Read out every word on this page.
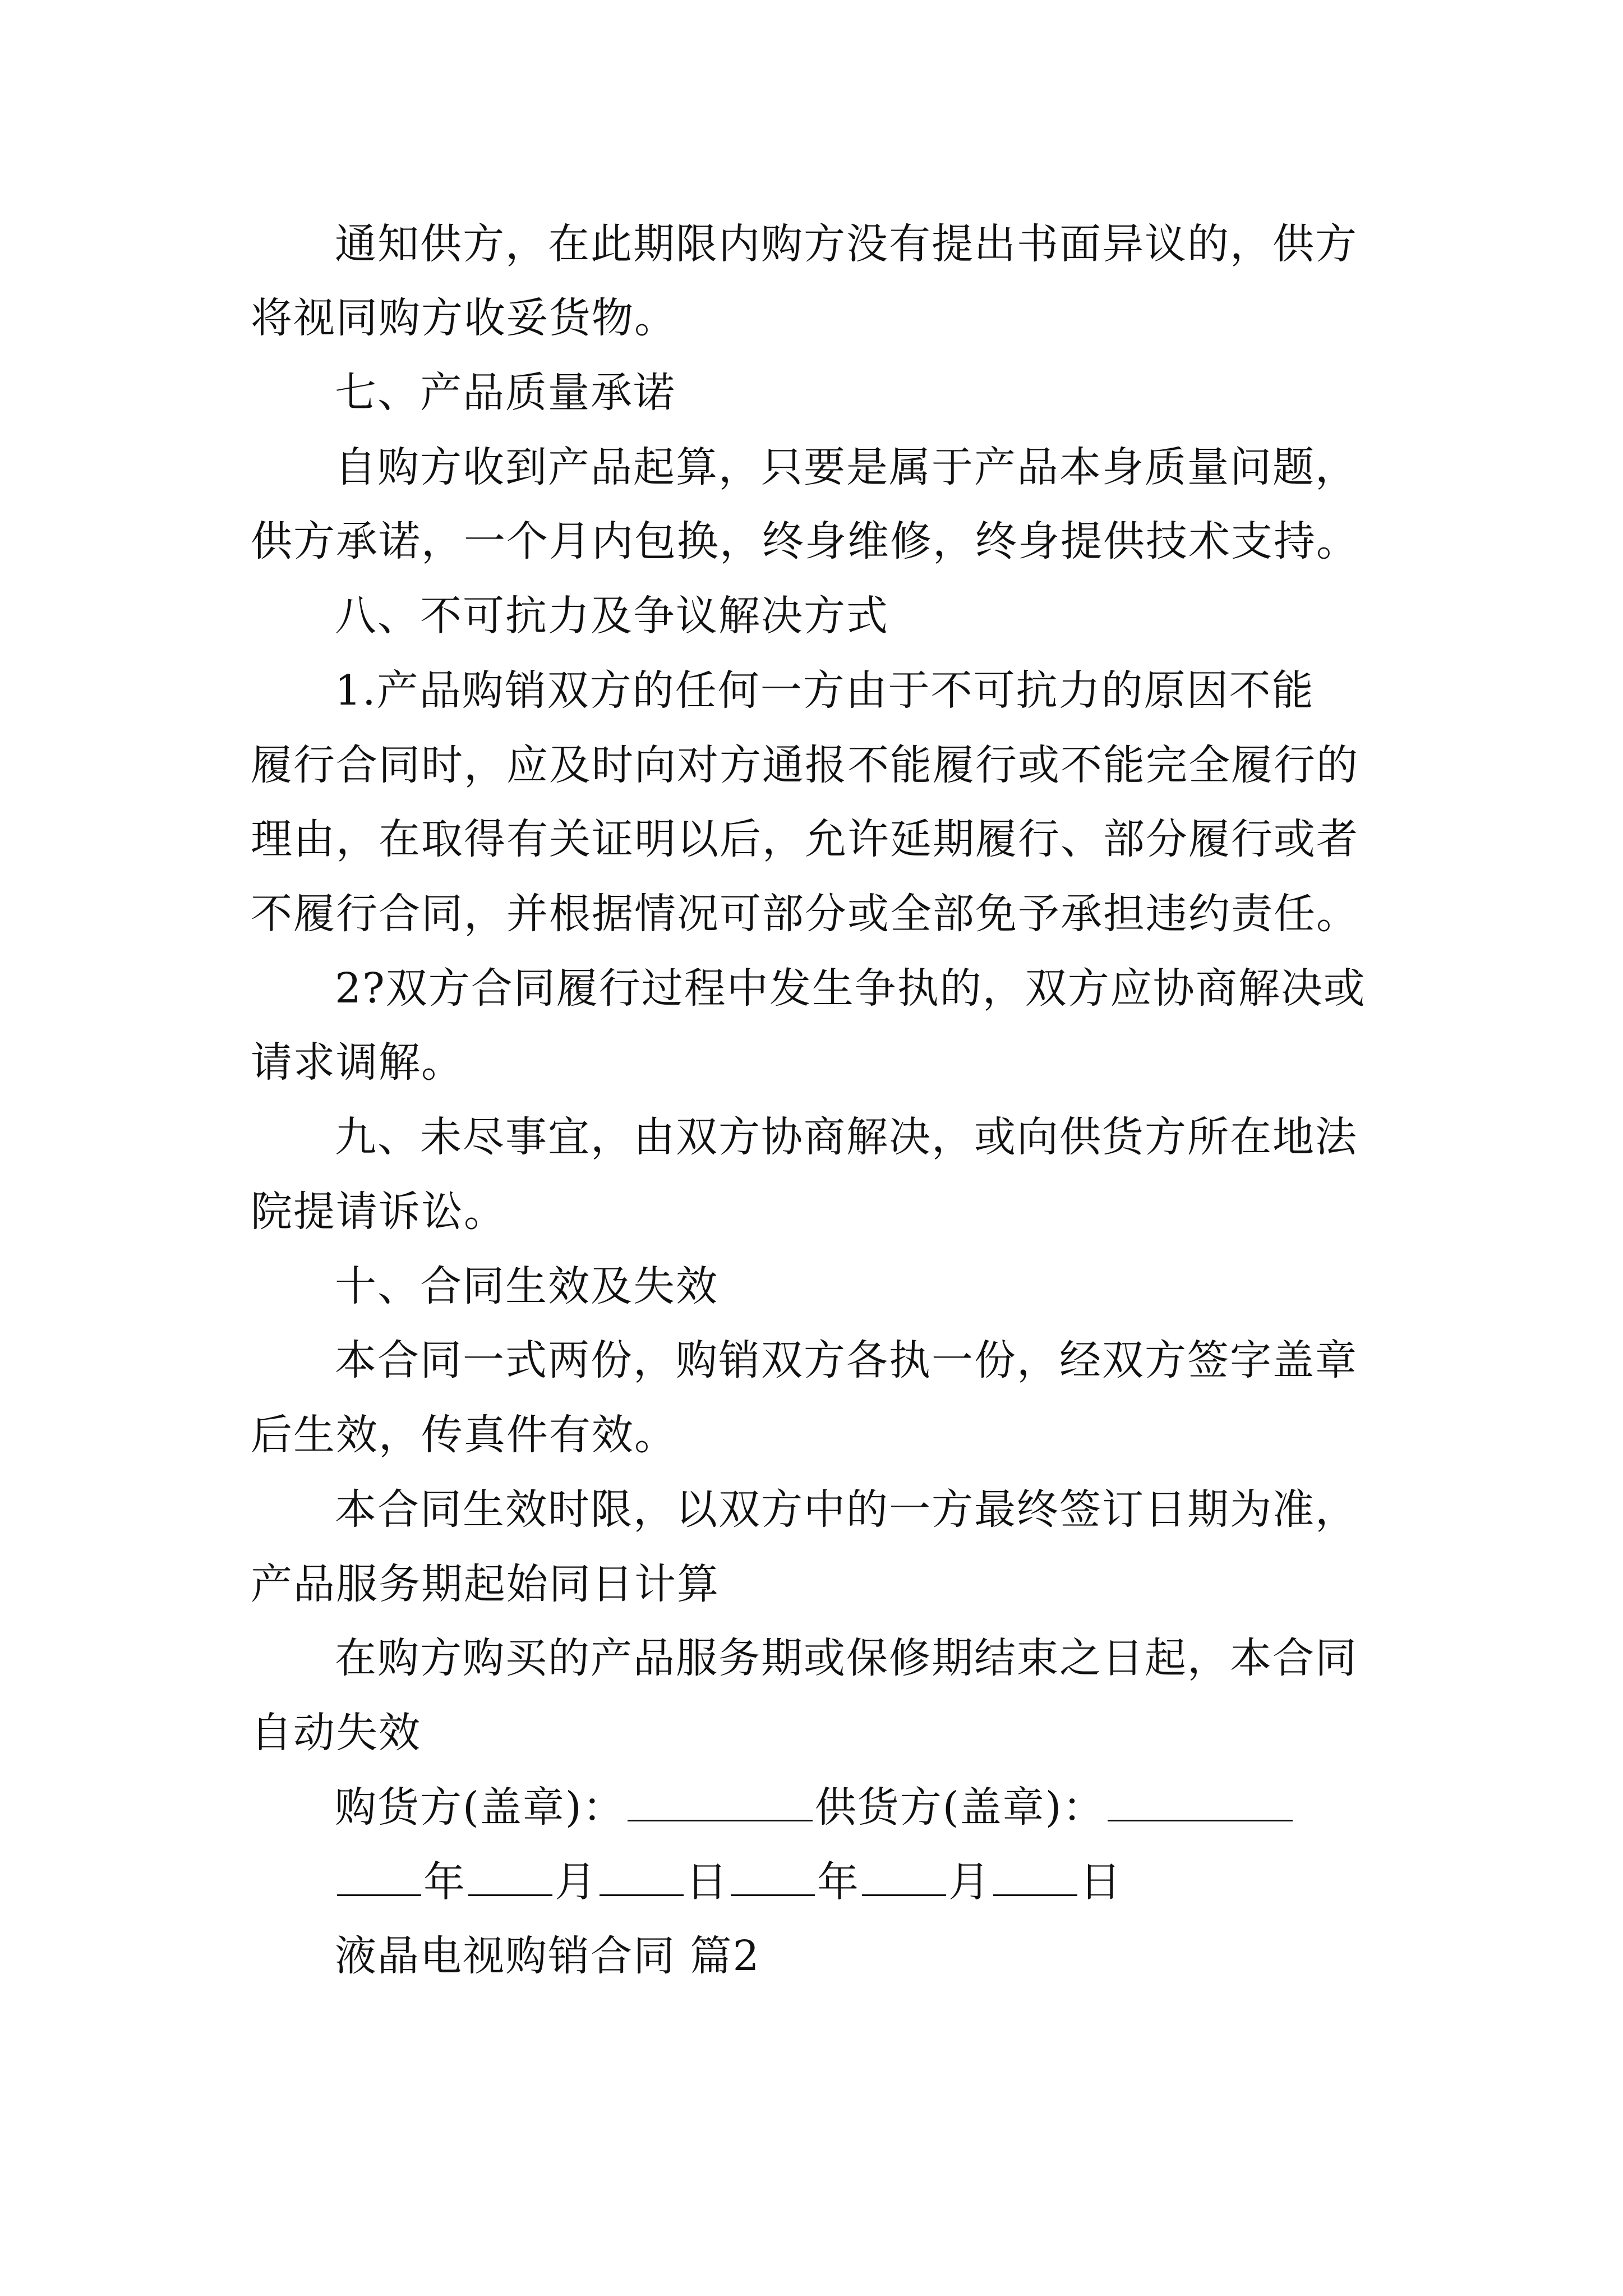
通知供方，在此期限内购方没有提出书面异议的，供方
将视同购方收妥货物。
七、产品质量承诺
自购方收到产品起算，只要是属于产品本身质量问题，
供方承诺，一个月内包换，终身维修，终身提供技术支持。
八、不可抗力及争议解决方式
1.产品购销双方的任何一方由于不可抗力的原因不能
履行合同时，应及时向对方通报不能履行或不能完全履行的
理由，在取得有关证明以后，允许延期履行、部分履行或者
不履行合同，并根据情况可部分或全部免予承担违约责任。
2?双方合同履行过程中发生争执的，双方应协商解决或
请求调解。
九、未尽事宜，由双方协商解决，或向供货方所在地法
院提请诉讼。
十、合同生效及失效
本合同一式两份，购销双方各执一份，经双方签字盖章
后生效，传真件有效。
本合同生效时限，以双方中的一方最终签订日期为准，
产品服务期起始同日计算
在购方购买的产品服务期或保修期结束之日起，本合同
自动失效
购货方(盖章)：	供货方(盖章)：
年 月 日 年 月 日
液晶电视购销合同 篇2
